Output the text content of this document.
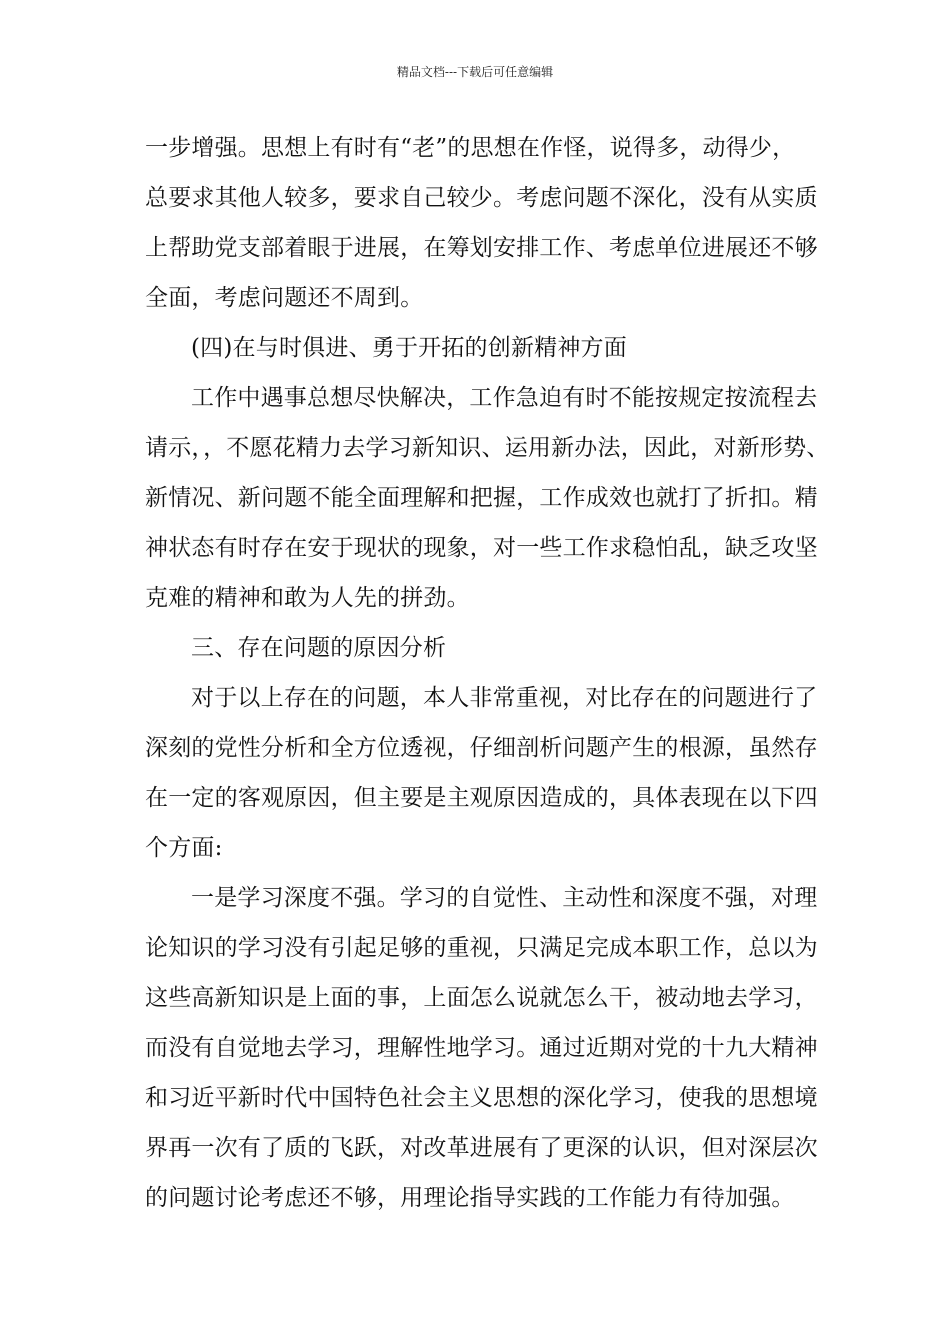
精品文档---下载后可任意编辑
一步增强。思想上有时有“老”的思想在作怪，说得多，动得少，
总要求其他人较多，要求自己较少。考虑问题不深化，没有从实质
上帮助党支部着眼于进展，在筹划安排工作、考虑单位进展还不够
全面，考虑问题还不周到。
(四)在与时俱进、勇于开拓的创新精神方面
工作中遇事总想尽快解决，工作急迫有时不能按规定按流程去
请示，，不愿花精力去学习新知识、运用新办法，因此，对新形势、
新情况、新问题不能全面理解和把握，工作成效也就打了折扣。精
神状态有时存在安于现状的现象，对一些工作求稳怕乱，缺乏攻坚
克难的精神和敢为人先的拼劲。
三、存在问题的原因分析
对于以上存在的问题，本人非常重视，对比存在的问题进行了
深刻的党性分析和全方位透视，仔细剖析问题产生的根源，虽然存
在一定的客观原因，但主要是主观原因造成的，具体表现在以下四
个方面:
一是学习深度不强。学习的自觉性、主动性和深度不强，对理
论知识的学习没有引起足够的重视，只满足完成本职工作，总以为
这些高新知识是上面的事，上面怎么说就怎么干，被动地去学习，
而没有自觉地去学习，理解性地学习。通过近期对党的十九大精神
和习近平新时代中国特色社会主义思想的深化学习，使我的思想境
界再一次有了质的飞跃，对改革进展有了更深的认识，但对深层次
的问题讨论考虑还不够，用理论指导实践的工作能力有待加强。
